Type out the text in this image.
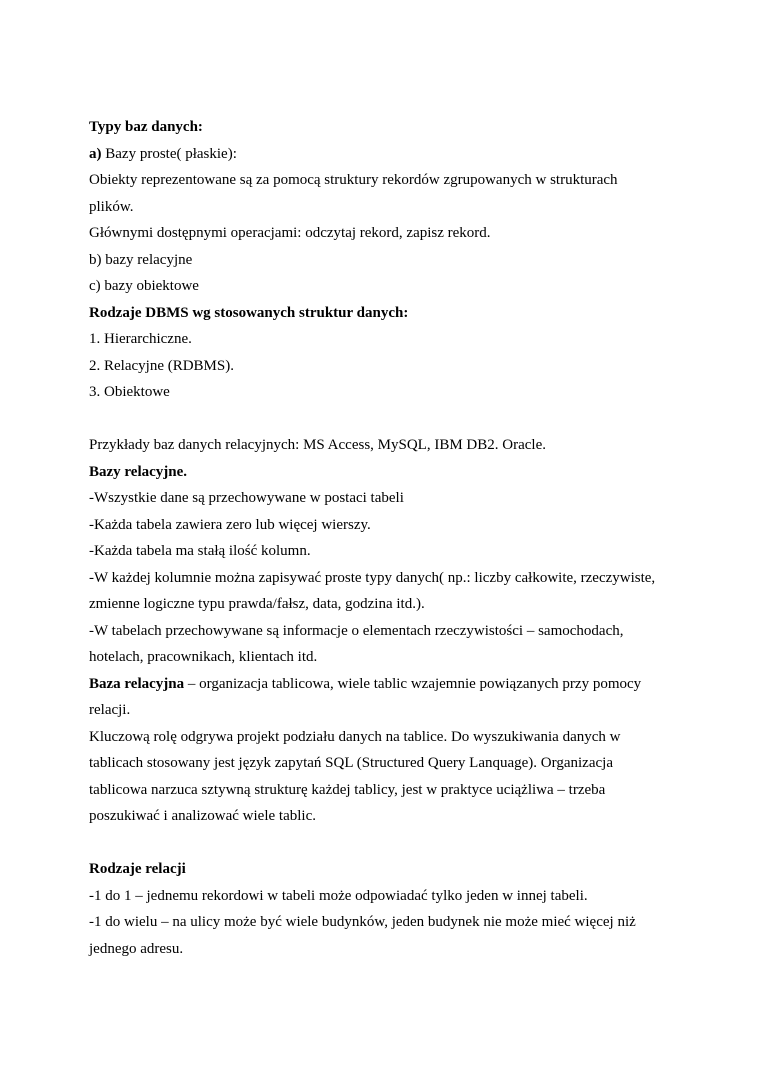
Typy baz danych:
a) Bazy proste( płaskie):
Obiekty reprezentowane są za pomocą struktury rekordów zgrupowanych w strukturach
plików.
Głównymi dostępnymi operacjami: odczytaj rekord, zapisz rekord.
b) bazy relacyjne
c) bazy obiektowe
Rodzaje DBMS wg stosowanych struktur danych:
1. Hierarchiczne.
2. Relacyjne (RDBMS).
3. Obiektowe
Przykłady baz danych relacyjnych: MS Access, MySQL, IBM DB2. Oracle.
Bazy relacyjne.
-Wszystkie dane są przechowywane w postaci tabeli
-Każda tabela zawiera zero lub więcej wierszy.
-Każda tabela ma stałą ilość kolumn.
-W każdej kolumnie można zapisywać proste typy danych( np.: liczby całkowite, rzeczywiste,
zmienne logiczne typu prawda/fałsz, data, godzina itd.).
-W tabelach przechowywane są informacje o elementach rzeczywistości – samochodach,
hotelach, pracownikach, klientach itd.
Baza relacyjna – organizacja tablicowa, wiele tablic wzajemnie powiązanych przy pomocy
relacji.
Kluczową rolę odgrywa projekt podziału danych na tablice. Do wyszukiwania danych w
tablicach stosowany jest język zapytań SQL (Structured Query Lanquage). Organizacja
tablicowa narzuca sztywną strukturę każdej tablicy, jest w praktyce uciążliwa – trzeba
poszukiwać i analizować wiele tablic.
Rodzaje relacji
-1 do 1 – jednemu rekordowi w tabeli może odpowiadać tylko jeden w innej tabeli.
-1 do wielu – na ulicy może być wiele budynków, jeden budynek nie może mieć więcej niż
jednego adresu.
